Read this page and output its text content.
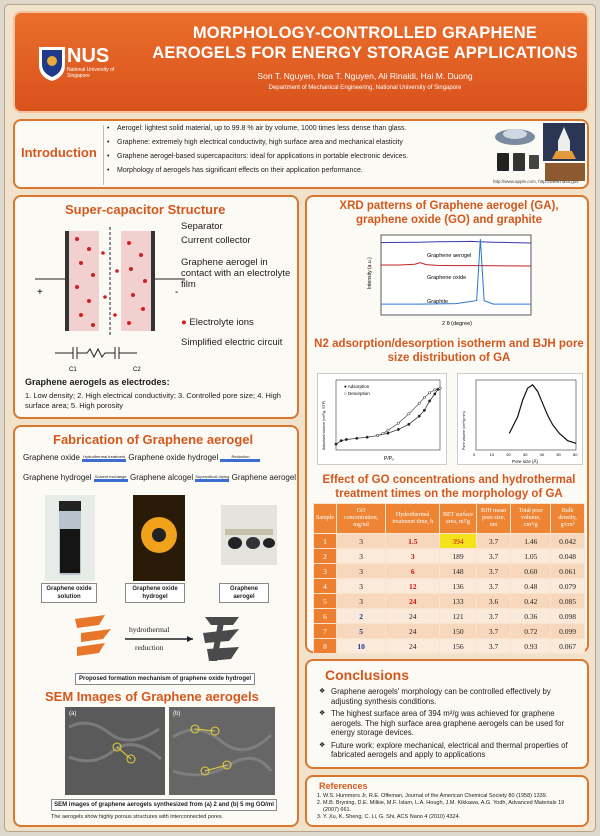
NUS
National University of Singapore
MORPHOLOGY-CONTROLLED GRAPHENE
AEROGELS FOR ENERGY STORAGE APPLICATIONS
Son T. Nguyen, Hoa T. Nguyen, Ali Rinaldi, Hai M. Duong
Department of Mechanical Engineering, National University of Singapore
Introduction
• Aerogel: lightest solid material, up to 99.8 % air by volume, 1000 times less dense than glass.
• Graphene: extremely high electrical conductivity, high surface area and mechanical elasticity
• Graphene aerogel-based supercapacitors: ideal for applications in portable electronic devices.
• Morphology of aerogels has significant effects on their application performance.
http://www.apple.com, http://www.nasa.gov
Super-capacitor Structure
+	-
C1	C2
Separator
Current collector
Graphene aerogel in contact with an electrolyte film
● Electrolyte ions
Simplified electric circuit
Graphene aerogels as electrodes:
1. Low density; 2. High electrical conductivity; 3. Controlled pore size; 4. High surface area; 5. High porosity
Fabrication of Graphene aerogel
Graphene oxide Hydrothermal treatment Graphene oxide hydrogel	Reduction
Graphene hydrogel Solvent exchange Graphene alcogel Supercritical drying Graphene aerogel
Graphene oxide solution
Graphene oxide hydrogel
Graphene aerogel
hydrothermal
reduction
Proposed formation mechanism of graphene oxide hydrogel
SEM Images of Graphene aerogels
(a)	(b)
SEM images of graphene aerogels synthesized from (a) 2 and (b) 5 mg GO/ml
The aerogels show highly porous structures with interconnected pores.
XRD patterns of Graphene aerogel (GA),
graphene oxide (GO) and graphite
Graphene aerogel
Graphene oxide
Graphite
2 θ (degree)
Intensity (a.u.)
N2 adsorption/desorption isotherm and BJH pore
size distribution of GA
● Adsorption
○ Desorption
P/P₀
Adsorbed volume (cm³/g, STP)
0	10	20	30	40	50	60
Pore size (Å)
Pore volume (cm³/g·nm)
Effect of GO concentrations and hydrothermal
treatment times on the morphology of GA
Sample	GO concentration, mg/ml	Hydrothermal treatment time, h	BET surface area, m²/g	BJH mean pore size, nm	Total pore volume, cm³/g	Bulk density, g/cm³
1	3	1.5	394	3.7	1.46	0.042
2	3	3	189	3.7	1.05	0.048
3	3	6	148	3.7	0.60	0.061
4	3	12	136	3.7	0.48	0.079
5	3	24	133	3.6	0.42	0.085
6	2	24	121	3.7	0.36	0.098
7	5	24	150	3.7	0.72	0.099
8	10	24	156	3.7	0.93	0.067
Conclusions
❖ Graphene aerogels' morphology can be controlled effectively by adjusting synthesis conditions.
❖ The highest surface area of 394 m²/g was achieved for graphene aerogels. The high surface area graphene aerogels can be used for energy storage devices.
❖ Future work: explore mechanical, electrical and thermal properties of fabricated aerogels and apply to applications
References
1. W.S. Hummers Jr, R.E. Offeman, Journal of the American Chemical Society 80 (1958) 1339.
2. M.B. Bryning, D.E. Milkie, M.F. Islam, L.A. Hough, J.M. Kikkawa, A.G. Yodh, Advanced Materials 19 (2007) 661.
3. Y. Xu, K. Sheng, C. Li, G. Shi, ACS Nano 4 (2010) 4324.
